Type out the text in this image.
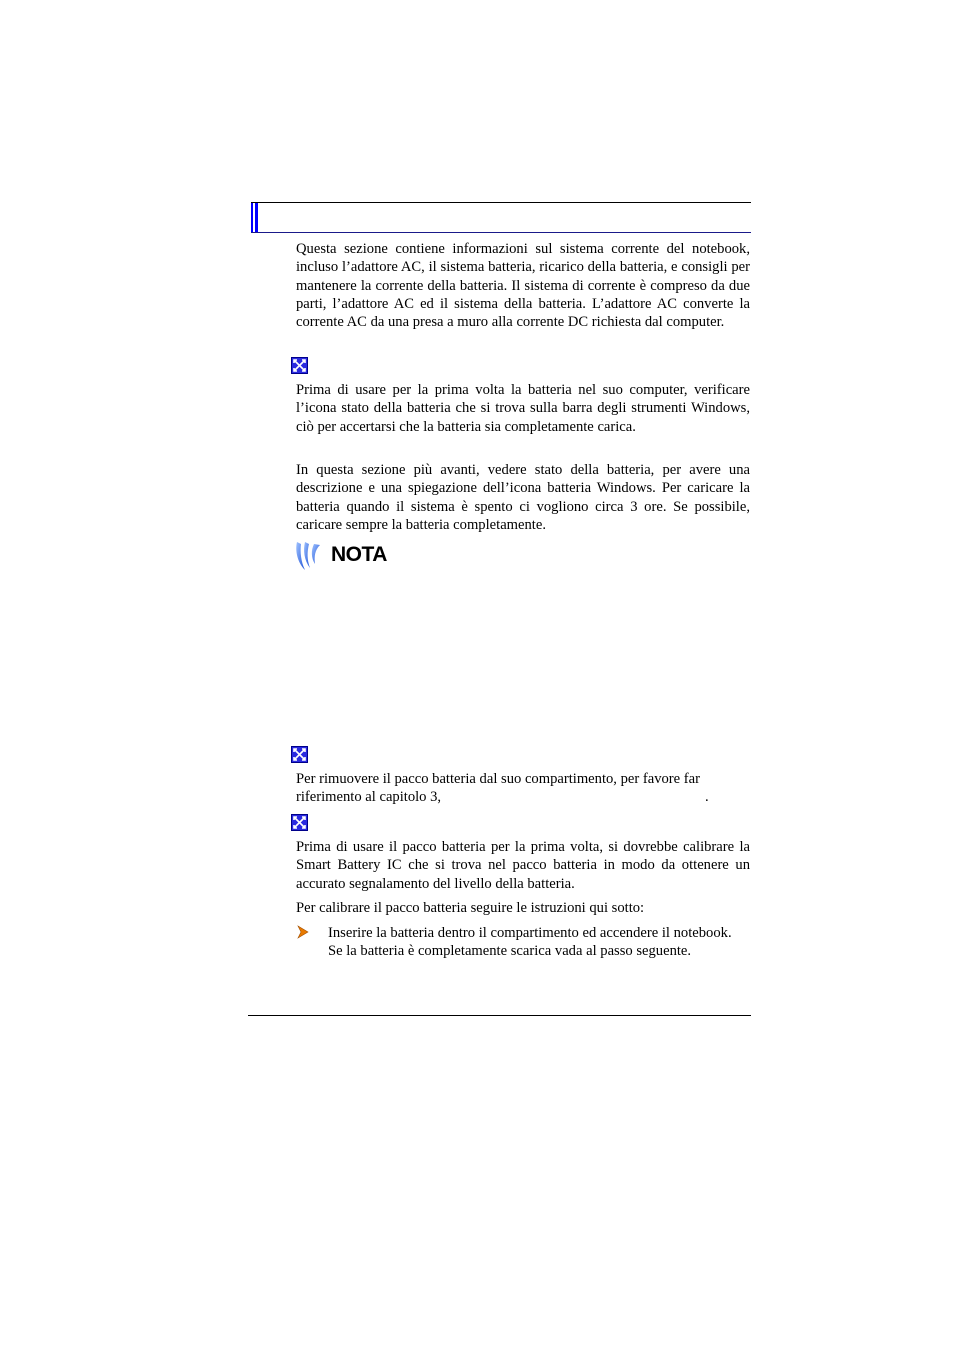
Questa sezione contiene informazioni sul sistema corrente del notebook, incluso l’adattore AC, il sistema batteria, ricarico della batteria, e consigli per mantenere la corrente della batteria. Il sistema di corrente è compreso da due parti, l’adattore AC ed il sistema della batteria. L’adattore AC converte la corrente AC da una presa a muro alla corrente DC richiesta dal computer.

Prima di usare per la prima volta la batteria nel suo computer, verificare l’icona stato della batteria che si trova sulla barra degli strumenti Windows, ciò per accertarsi che la batteria sia completamente carica.

In questa sezione più avanti, vedere stato della batteria, per avere una descrizione e una spiegazione dell’icona batteria Windows. Per caricare la batteria quando il sistema è spento ci vogliono circa 3 ore. Se possibile, caricare sempre la batteria completamente.

NOTA

Per rimuovere il pacco batteria dal suo compartimento, per favore far riferimento al capitolo 3,	.

Prima di usare il pacco batteria per la prima volta, si dovrebbe calibrare la Smart Battery IC che si trova nel pacco batteria in modo da ottenere un accurato segnalamento del livello della batteria.

Per calibrare il pacco batteria seguire le istruzioni qui sotto:

Inserire la batteria dentro il compartimento ed accendere il notebook. Se la batteria è completamente scarica vada al passo seguente.
